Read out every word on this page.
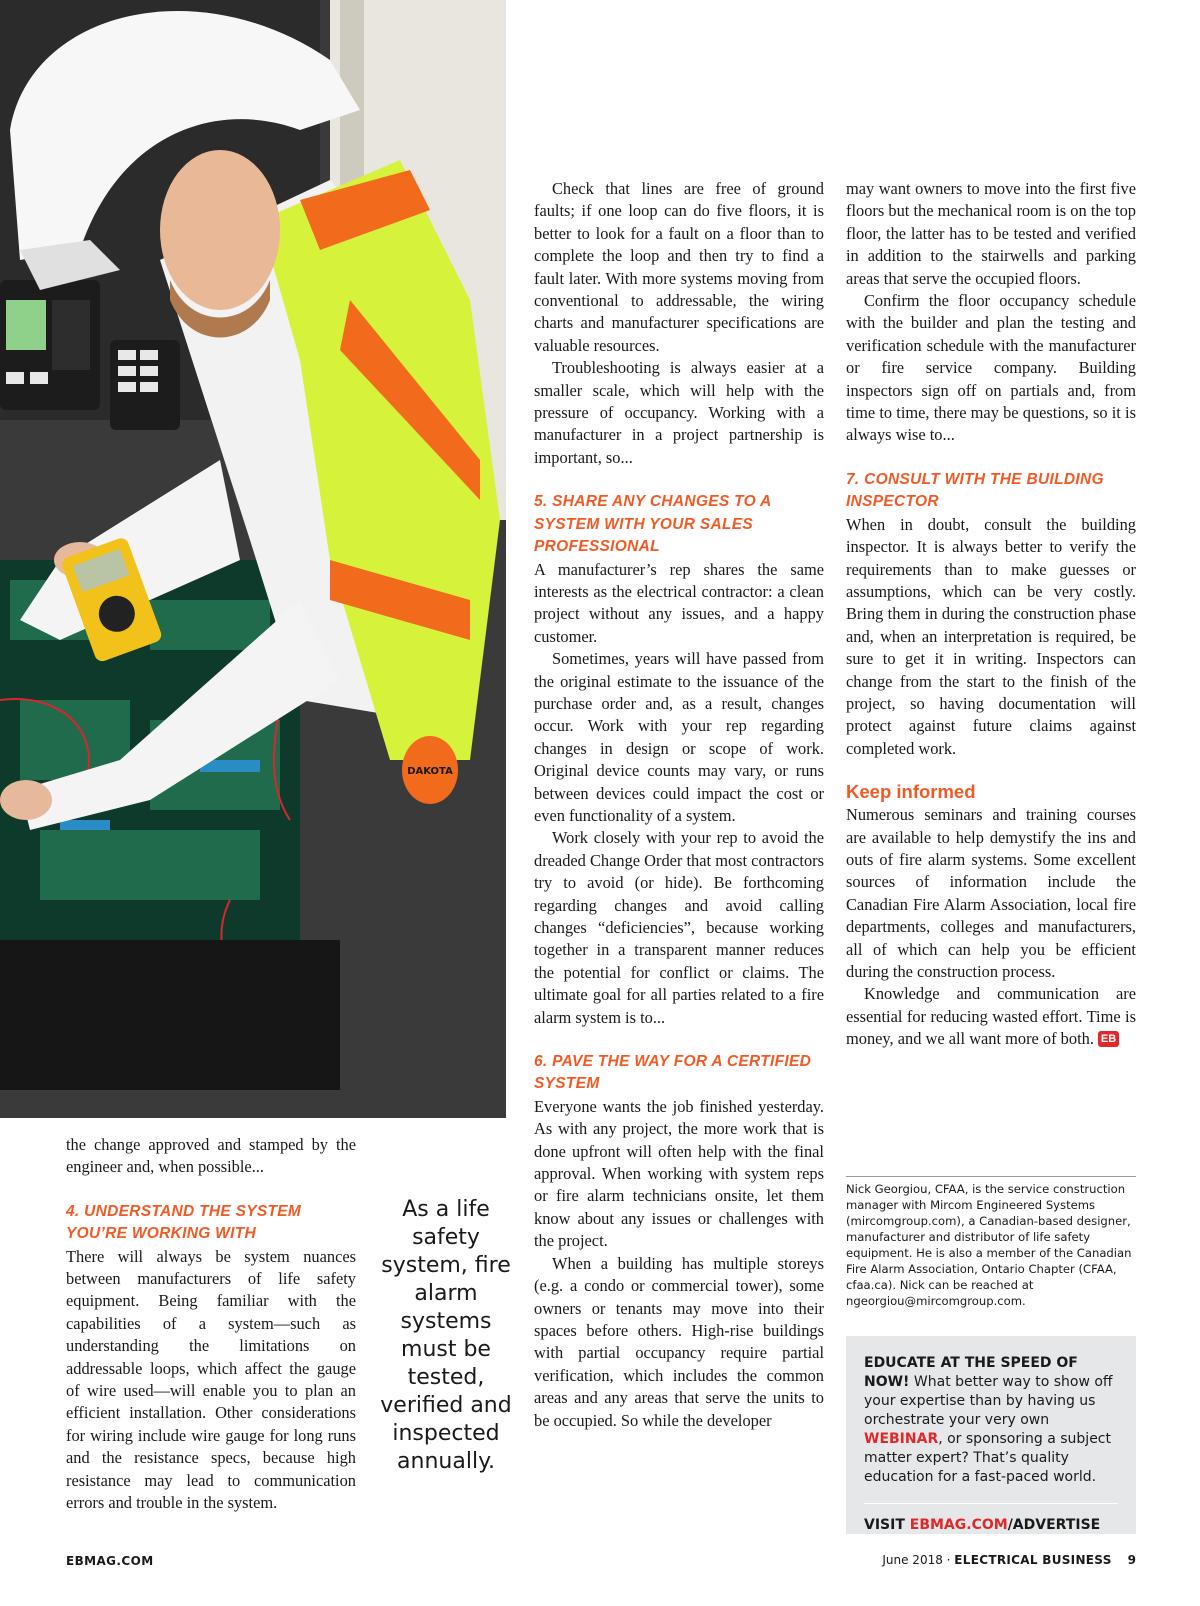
DAKOTA

the change approved and stamped by the engineer and, when possible...

4. UNDERSTAND THE SYSTEM YOU’RE WORKING WITH

There will always be system nuances between manufacturers of life safety equipment. Being familiar with the capabilities of a system—such as understanding the limitations on addressable loops, which affect the gauge of wire used—will enable you to plan an efficient installation. Other considerations for wiring include wire gauge for long runs and the resistance specs, because high resistance may lead to communication errors and trouble in the system.

As a life safety system, fire alarm systems must be tested, verified and inspected annually.

Check that lines are free of ground faults; if one loop can do five floors, it is better to look for a fault on a floor than to complete the loop and then try to find a fault later. With more systems moving from conventional to addressable, the wiring charts and manufacturer specifications are valuable resources.

Troubleshooting is always easier at a smaller scale, which will help with the pressure of occupancy. Working with a manufacturer in a project partnership is important, so...

5. SHARE ANY CHANGES TO A SYSTEM WITH YOUR SALES PROFESSIONAL

A manufacturer’s rep shares the same interests as the electrical contractor: a clean project without any issues, and a happy customer.

Sometimes, years will have passed from the original estimate to the issuance of the purchase order and, as a result, changes occur. Work with your rep regarding changes in design or scope of work. Original device counts may vary, or runs between devices could impact the cost or even functionality of a system.

Work closely with your rep to avoid the dreaded Change Order that most contractors try to avoid (or hide). Be forthcoming regarding changes and avoid calling changes “deficiencies”, because working together in a transparent manner reduces the potential for conflict or claims. The ultimate goal for all parties related to a fire alarm system is to...

6. PAVE THE WAY FOR A CERTIFIED SYSTEM

Everyone wants the job finished yesterday. As with any project, the more work that is done upfront will often help with the final approval. When working with system reps or fire alarm technicians onsite, let them know about any issues or challenges with the project.

When a building has multiple storeys (e.g. a condo or commercial tower), some owners or tenants may move into their spaces before others. High-rise buildings with partial occupancy require partial verification, which includes the common areas and any areas that serve the units to be occupied. So while the developer

may want owners to move into the first five floors but the mechanical room is on the top floor, the latter has to be tested and verified in addition to the stairwells and parking areas that serve the occupied floors.

Confirm the floor occupancy schedule with the builder and plan the testing and verification schedule with the manufacturer or fire service company. Building inspectors sign off on partials and, from time to time, there may be questions, so it is always wise to...

7. CONSULT WITH THE BUILDING INSPECTOR

When in doubt, consult the building inspector. It is always better to verify the requirements than to make guesses or assumptions, which can be very costly. Bring them in during the construction phase and, when an interpretation is required, be sure to get it in writing. Inspectors can change from the start to the finish of the project, so having documentation will protect against future claims against completed work.

Keep informed

Numerous seminars and training courses are available to help demystify the ins and outs of fire alarm systems. Some excellent sources of information include the Canadian Fire Alarm Association, local fire departments, colleges and manufacturers, all of which can help you be efficient during the construction process.

Knowledge and communication are essential for reducing wasted effort. Time is money, and we all want more of both. EB

Nick Georgiou, CFAA, is the service construction manager with Mircom Engineered Systems (mircomgroup.com), a Canadian-based designer, manufacturer and distributor of life safety equipment. He is also a member of the Canadian Fire Alarm Association, Ontario Chapter (CFAA, cfaa.ca). Nick can be reached at ngeorgiou@mircomgroup.com.
EDUCATE AT THE SPEED OF NOW! What better way to show off your expertise than by having us orchestrate your very own WEBINAR, or sponsoring a subject matter expert? That’s quality education for a fast-paced world.
VISIT EBMAG.COM/ADVERTISE
EBMAG.COM	June 2018 · ELECTRICAL BUSINESS 9
